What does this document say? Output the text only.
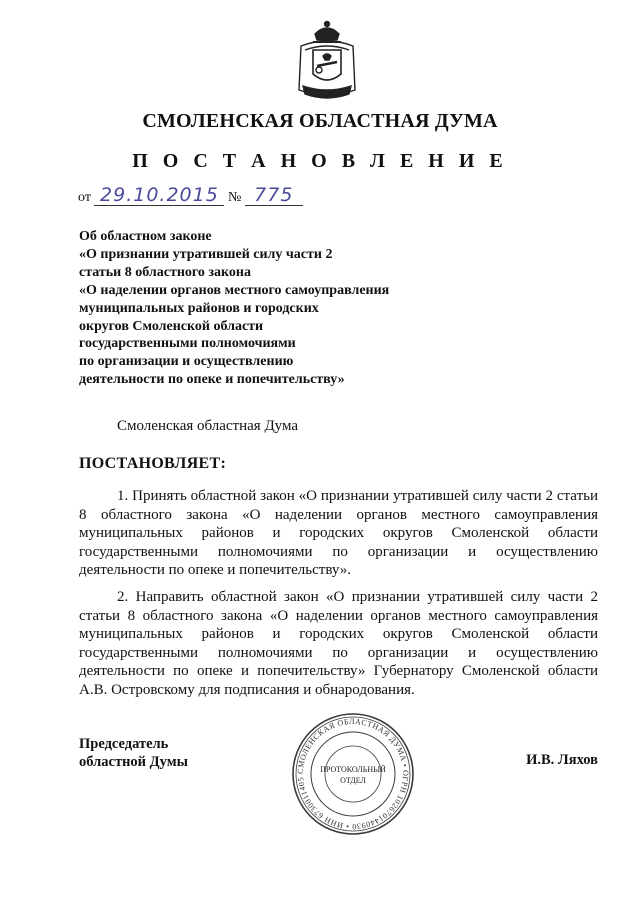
СМОЛЕНСКАЯ ОБЛАСТНАЯ ДУМА
П О С Т А Н О В Л Е Н И Е
от 29.10.2015 № 775
Об областном законе
«О признании утратившей силу части 2
статьи 8 областного закона
«О наделении органов местного самоуправления
муниципальных районов и городских
округов Смоленской области
государственными полномочиями
по организации и осуществлению
деятельности по опеке и попечительству»
Смоленская областная Дума
ПОСТАНОВЛЯЕТ:
1. Принять областной закон «О признании утратившей силу части 2 статьи 8 областного закона «О наделении органов местного самоуправления муниципальных районов и городских округов Смоленской области государственными полномочиями по организации и осуществлению деятельности по опеке и попечительству».
2. Направить областной закон «О признании утратившей силу части 2 статьи 8 областного закона «О наделении органов местного самоуправления муниципальных районов и городских округов Смоленской области государственными полномочиями по организации и осуществлению деятельности по опеке и попечительству» Губернатору Смоленской области А.В. Островскому для подписания и обнародования.
Председатель
областной Думы
СМОЛЕНСКАЯ ОБЛАСТНАЯ ДУМА • ОГРН 1026701440930 • ИНН 6730011405
ПРОТОКОЛЬНЫЙ
ОТДЕЛ
И.В. Ляхов
